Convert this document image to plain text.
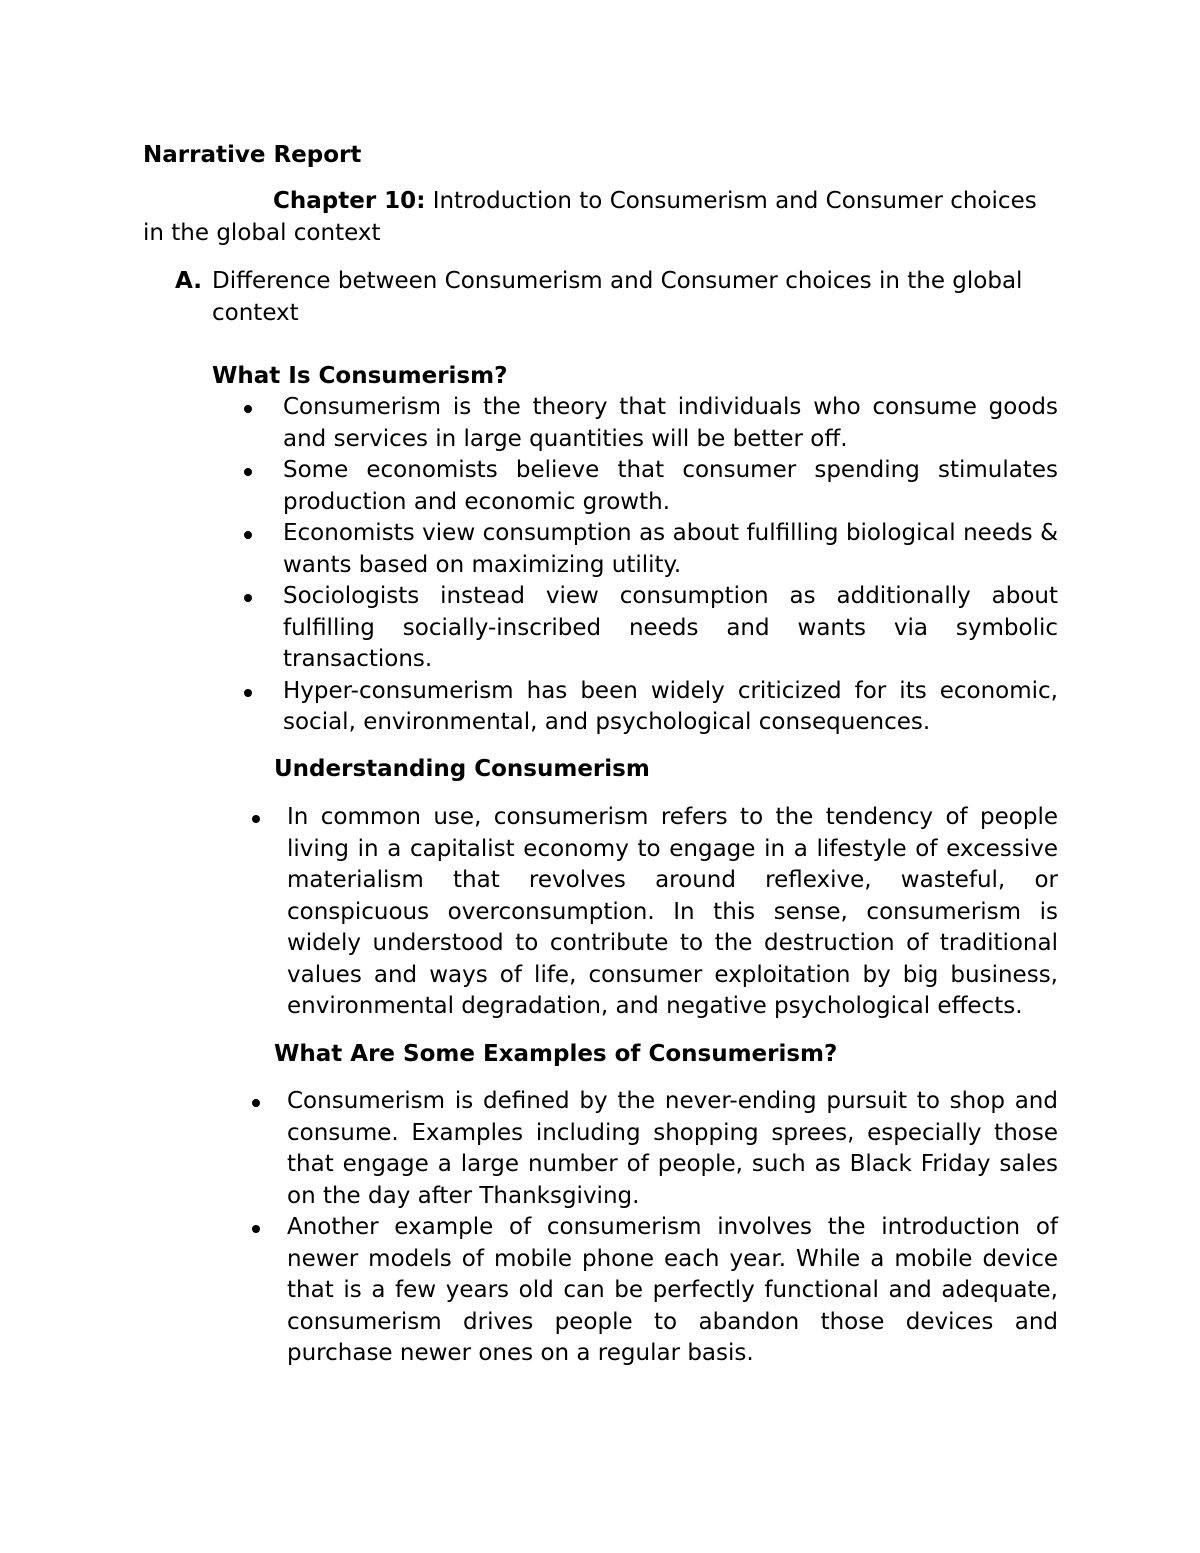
Narrative Report

Chapter 10: Introduction to Consumerism and Consumer choices in the global context

A. Difference between Consumerism and Consumer choices in the global context

What Is Consumerism?

Consumerism is the theory that individuals who consume goods and services in large quantities will be better off.
Some economists believe that consumer spending stimulates production and economic growth.
Economists view consumption as about fulfilling biological needs & wants based on maximizing utility.
Sociologists instead view consumption as additionally about fulfilling socially-inscribed needs and wants via symbolic transactions.
Hyper-consumerism has been widely criticized for its economic, social, environmental, and psychological consequences.

Understanding Consumerism

In common use, consumerism refers to the tendency of people living in a capitalist economy to engage in a lifestyle of excessive materialism that revolves around reflexive, wasteful, or conspicuous overconsumption. In this sense, consumerism is widely understood to contribute to the destruction of traditional values and ways of life, consumer exploitation by big business, environmental degradation, and negative psychological effects.

What Are Some Examples of Consumerism?

Consumerism is defined by the never-ending pursuit to shop and consume. Examples including shopping sprees, especially those that engage a large number of people, such as Black Friday sales on the day after Thanksgiving.
Another example of consumerism involves the introduction of newer models of mobile phone each year. While a mobile device that is a few years old can be perfectly functional and adequate, consumerism drives people to abandon those devices and purchase newer ones on a regular basis.
